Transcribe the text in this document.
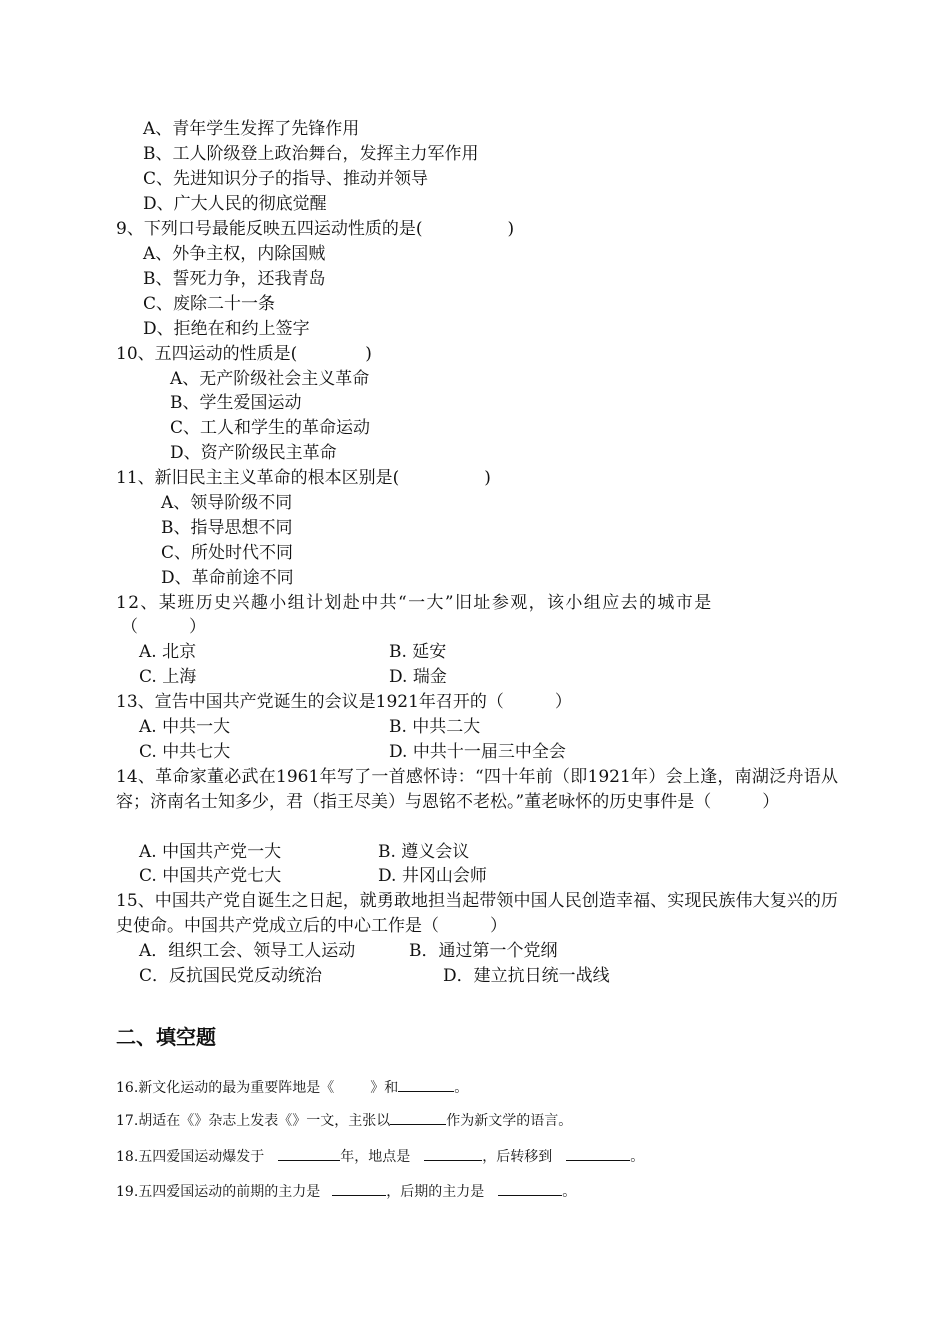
A、青年学生发挥了先锋作用
B、工人阶级登上政治舞台，发挥主力军作用
C、先进知识分子的指导、推动并领导
D、广大人民的彻底觉醒
9、下列口号最能反映五四运动性质的是(　　　　　)
A、外争主权，内除国贼
B、誓死力争，还我青岛
C、废除二十一条
D、拒绝在和约上签字
10、五四运动的性质是(　　　　)
A、无产阶级社会主义革命
B、学生爱国运动
C、工人和学生的革命运动
D、资产阶级民主革命
11、新旧民主主义革命的根本区别是(　　　　　)
A、领导阶级不同
B、指导思想不同
C、所处时代不同
D、革命前途不同
12、某班历史兴趣小组计划赴中共“一大”旧址参观，该小组应去的城市是
（　　　）
A. 北京	B. 延安
C. 上海	D. 瑞金
13、宣告中国共产党诞生的会议是1921年召开的（　　　）
A. 中共一大	B. 中共二大
C. 中共七大	D. 中共十一届三中全会
14、革命家董必武在1961年写了一首感怀诗：“四十年前（即1921年）会上逢，南湖泛舟语从容；济南名士知多少，君（指王尽美）与恩铭不老松。”董老咏怀的历史事件是（　　　）
A. 中国共产党一大	B. 遵义会议
C. 中国共产党七大	D. 井冈山会师
15、中国共产党自诞生之日起，就勇敢地担当起带领中国人民创造幸福、实现民族伟大复兴的历史使命。中国共产党成立后的中心工作是（　　　）
A．组织工会、领导工人运动	B．通过第一个党纲
C．反抗国民党反动统治	D．建立抗日统一战线
二、填空题
16.新文化运动的最为重要阵地是《	》和	。
17.胡适在《》杂志上发表《》一文，主张以	作为新文学的语言。
18.五四爱国运动爆发于	年，地点是	，后转移到	。
19.五四爱国运动的前期的主力是	，后期的主力是	。
